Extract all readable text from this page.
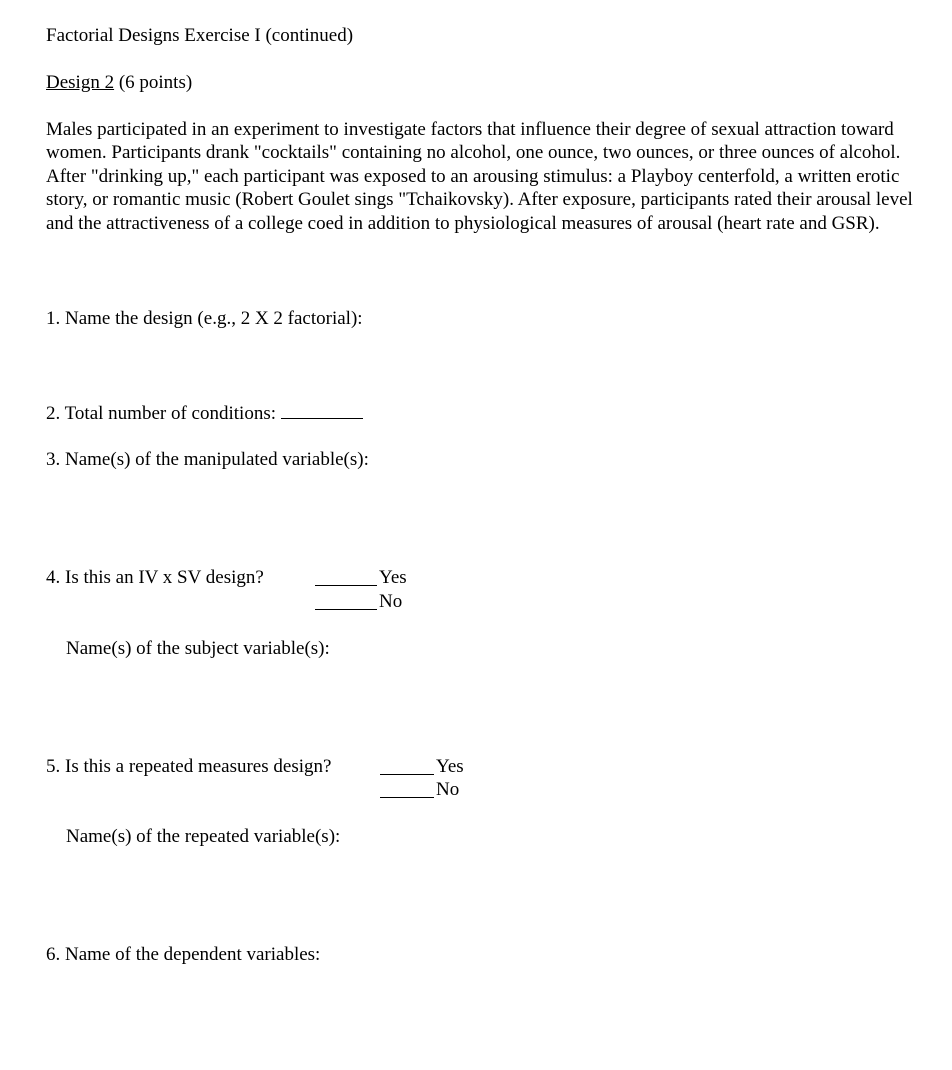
Factorial Designs Exercise I (continued)
Design 2 (6 points)
Males participated in an experiment to investigate factors that influence their degree of sexual attraction toward women. Participants drank "cocktails" containing no alcohol, one ounce, two ounces, or three ounces of alcohol. After "drinking up," each participant was exposed to an arousing stimulus: a Playboy centerfold, a written erotic story, or romantic music (Robert Goulet sings "Tchaikovsky). After exposure, participants rated their arousal level and the attractiveness of a college coed in addition to physiological measures of arousal (heart rate and GSR).
1. Name the design (e.g., 2 X 2 factorial):
2. Total number of conditions:
3. Name(s) of the manipulated variable(s):
4. Is this an IV x SV design?	Yes
No
Name(s) of the subject variable(s):
5. Is this a repeated measures design?	Yes
No
Name(s) of the repeated variable(s):
6. Name of the dependent variables:
